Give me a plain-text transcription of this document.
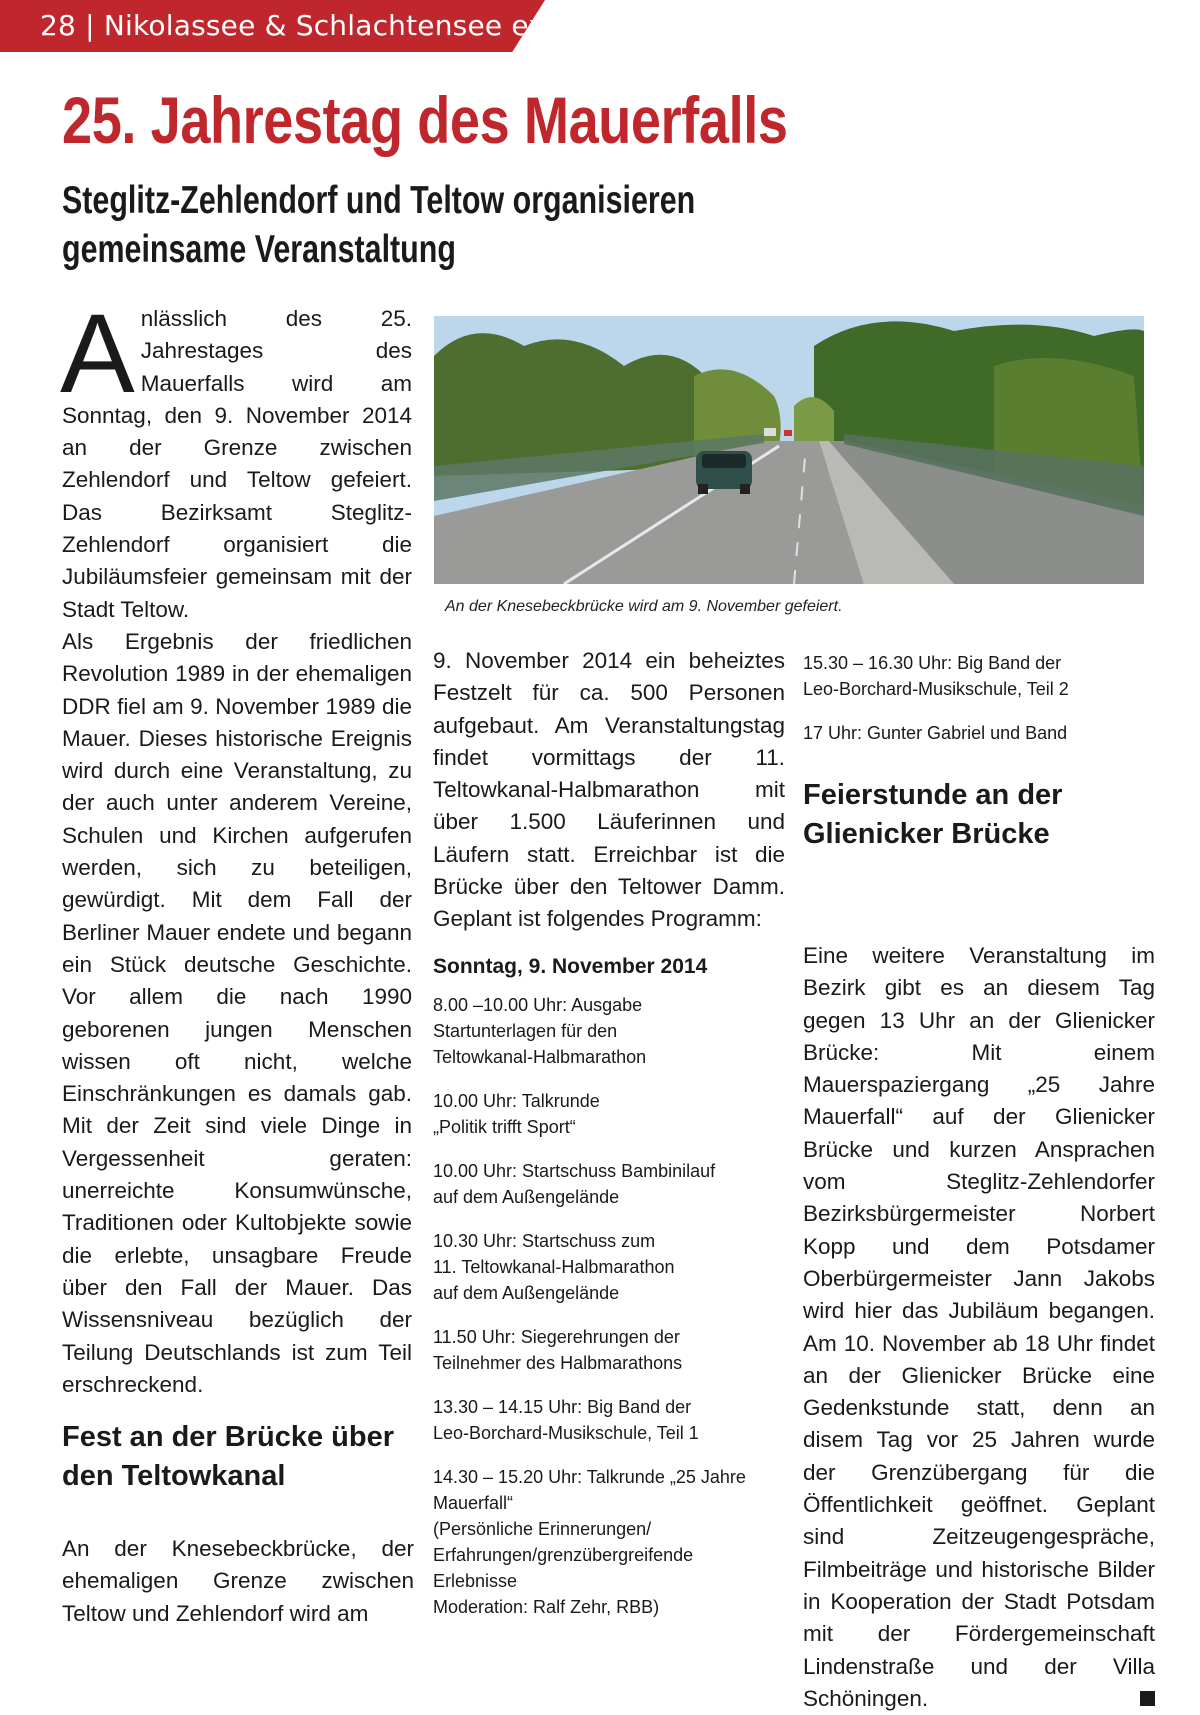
28 | Nikolassee & Schlachtensee extra
25. Jahrestag des Mauerfalls
Steglitz-Zehlendorf und Teltow organisieren
gemeinsame Veranstaltung

Anlässlich des 25. Jahrestages des Mauerfalls wird am Sonntag, den 9. November 2014 an der Grenze zwischen Zehlendorf und Teltow gefeiert. Das Bezirksamt Steglitz-Zehlendorf organisiert die Jubiläumsfeier gemeinsam mit der Stadt Teltow.

Als Ergebnis der friedlichen Revolution 1989 in der ehemaligen DDR fiel am 9. November 1989 die Mauer. Dieses historische Ereignis wird durch eine Veranstaltung, zu der auch unter anderem Vereine, Schulen und Kirchen aufgerufen werden, sich zu beteiligen, gewürdigt. Mit dem Fall der Berliner Mauer endete und begann ein Stück deutsche Geschichte. Vor allem die nach 1990 geborenen jungen Menschen wissen oft nicht, welche Einschränkungen es damals gab. Mit der Zeit sind viele Dinge in Vergessenheit geraten: unerreichte Konsumwünsche, Traditionen oder Kultobjekte sowie die erlebte, unsagbare Freude über den Fall der Mauer. Das Wissensniveau bezüglich der Teilung Deutschlands ist zum Teil erschreckend.

Fest an der Brücke über den Teltowkanal
An der Knesebeckbrücke, der ehemaligen Grenze zwischen Teltow und Zehlendorf wird am
An der Knesebeckbrücke wird am 9. November gefeiert.
9. November 2014 ein beheiztes Festzelt für ca. 500 Personen aufgebaut. Am Veranstaltungstag findet vormittags der 11. Teltowkanal-Halbmarathon mit über 1.500 Läuferinnen und Läufern statt. Erreichbar ist die Brücke über den Teltower Damm. Geplant ist folgendes Programm:
Sonntag, 9. November 2014
8.00 –10.00 Uhr: Ausgabe
Startunterlagen für den
Teltowkanal-Halbmarathon
10.00 Uhr: Talkrunde
„Politik trifft Sport“
10.00 Uhr: Startschuss Bambinilauf
auf dem Außengelände
10.30 Uhr: Startschuss zum
11. Teltowkanal-Halbmarathon
auf dem Außengelände
11.50 Uhr: Siegerehrungen der
Teilnehmer des Halbmarathons
13.30 – 14.15 Uhr: Big Band der
Leo-Borchard-Musikschule, Teil 1
14.30 – 15.20 Uhr: Talkrunde „25 Jahre
Mauerfall“
(Persönliche Erinnerungen/
Erfahrungen/grenzübergreifende
Erlebnisse
Moderation: Ralf Zehr, RBB)
15.30 – 16.30 Uhr: Big Band der
Leo-Borchard-Musikschule, Teil 2
17 Uhr: Gunter Gabriel und Band
Feierstunde an der Glienicker Brücke
Eine weitere Veranstaltung im Bezirk gibt es an diesem Tag gegen 13 Uhr an der Glienicker Brücke: Mit einem Mauerspaziergang „25 Jahre Mauerfall“ auf der Glienicker Brücke und kurzen Ansprachen vom Steglitz-Zehlendorfer Bezirksbürgermeister Norbert Kopp und dem Potsdamer Oberbürgermeister Jann Jakobs wird hier das Jubiläum begangen. Am 10. November ab 18 Uhr findet an der Glienicker Brücke eine Gedenkstunde statt, denn an disem Tag vor 25 Jahren wurde der Grenzübergang für die Öffentlichkeit geöffnet. Geplant sind Zeitzeugengespräche, Filmbeiträge und historische Bilder in Kooperation der Stadt Potsdam mit der Fördergemeinschaft Lindenstraße und der Villa Schöningen.
